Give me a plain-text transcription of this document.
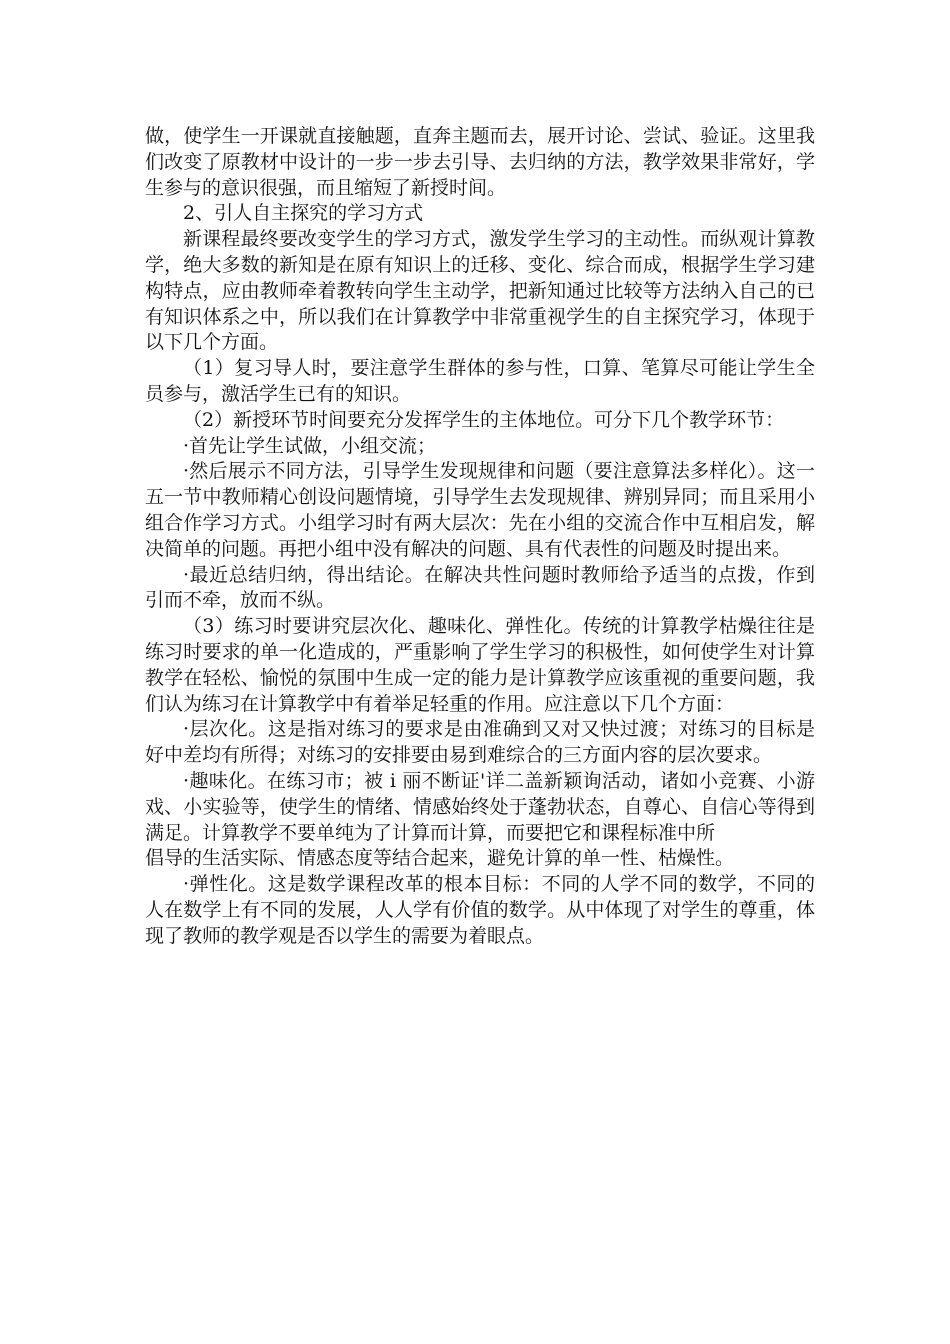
做，使学生一开课就直接触题，直奔主题而去，展开讨论、尝试、验证。这里我们改变了原教材中设计的一步一步去引导、去归纳的方法，教学效果非常好，学生参与的意识很强，而且缩短了新授时间。

2、引人自主探究的学习方式

新课程最终要改变学生的学习方式，激发学生学习的主动性。而纵观计算教学，绝大多数的新知是在原有知识上的迁移、变化、综合而成，根据学生学习建构特点，应由教师牵着教转向学生主动学，把新知通过比较等方法纳入自己的已有知识体系之中，所以我们在计算教学中非常重视学生的自主探究学习，体现于以下几个方面。

（1）复习导人时，要注意学生群体的参与性，口算、笔算尽可能让学生全员参与，激活学生已有的知识。

（2）新授环节时间要充分发挥学生的主体地位。可分下几个教学环节：

·首先让学生试做，小组交流；

·然后展示不同方法，引导学生发现规律和问题（要注意算法多样化）。这一五一节中教师精心创设问题情境，引导学生去发现规律、辨别异同；而且采用小组合作学习方式。小组学习时有两大层次：先在小组的交流合作中互相启发，解决简单的问题。再把小组中没有解决的问题、具有代表性的问题及时提出来。

·最近总结归纳，得出结论。在解决共性问题时教师给予适当的点拨，作到引而不牵，放而不纵。

（3）练习时要讲究层次化、趣味化、弹性化。传统的计算教学枯燥往往是练习时要求的单一化造成的，严重影响了学生学习的积极性，如何使学生对计算教学在轻松、愉悦的氛围中生成一定的能力是计算教学应该重视的重要问题，我们认为练习在计算教学中有着举足轻重的作用。应注意以下几个方面：

·层次化。这是指对练习的要求是由准确到又对又快过渡；对练习的目标是好中差均有所得；对练习的安排要由易到难综合的三方面内容的层次要求。

·趣味化。在练习市；被 i 丽不断证'详二盖新颖询活动，诸如小竞赛、小游戏、小实验等，使学生的情绪、情感始终处于蓬勃状态，自尊心、自信心等得到满足。计算教学不要单纯为了计算而计算，而要把它和课程标准中所

倡导的生活实际、情感态度等结合起来，避免计算的单一性、枯燥性。

·弹性化。这是数学课程改革的根本目标：不同的人学不同的数学，不同的人在数学上有不同的发展，人人学有价值的数学。从中体现了对学生的尊重，体现了教师的教学观是否以学生的需要为着眼点。
